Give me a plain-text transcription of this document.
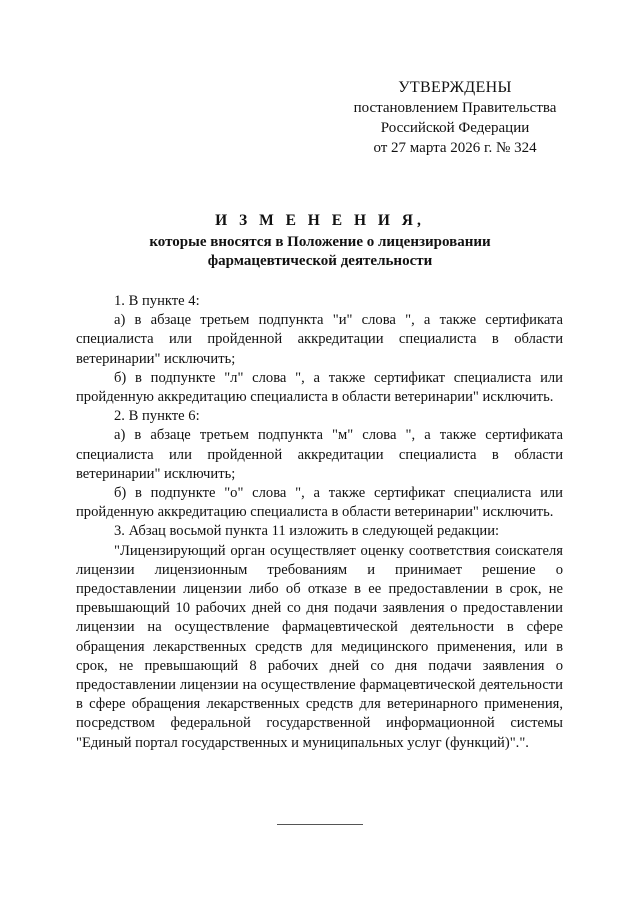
УТВЕРЖДЕНЫ
постановлением Правительства
Российской Федерации
от 27 марта 2026 г. № 324
И З М Е Н Е Н И Я,
которые вносятся в Положение о лицензировании
фармацевтической деятельности

1. В пункте 4:

а) в абзаце третьем подпункта "и" слова ", а также сертификата специалиста или пройденной аккредитации специалиста в области ветеринарии" исключить;

б) в подпункте "л" слова ", а также сертификат специалиста или пройденную аккредитацию специалиста в области ветеринарии" исключить.

2. В пункте 6:

а) в абзаце третьем подпункта "м" слова ", а также сертификата специалиста или пройденной аккредитации специалиста в области ветеринарии" исключить;

б) в подпункте "о" слова ", а также сертификат специалиста или пройденную аккредитацию специалиста в области ветеринарии" исключить.

3. Абзац восьмой пункта 11 изложить в следующей редакции:

"Лицензирующий орган осуществляет оценку соответствия соискателя лицензии лицензионным требованиям и принимает решение о предоставлении лицензии либо об отказе в ее предоставлении в срок, не превышающий 10 рабочих дней со дня подачи заявления о предоставлении лицензии на осуществление фармацевтической деятельности в сфере обращения лекарственных средств для медицинского применения, или в срок, не превышающий 8 рабочих дней со дня подачи заявления о предоставлении лицензии на осуществление фармацевтической деятельности в сфере обращения лекарственных средств для ветеринарного применения, посредством федеральной государственной информационной системы "Единый портал государственных и муниципальных услуг (функций)".".
